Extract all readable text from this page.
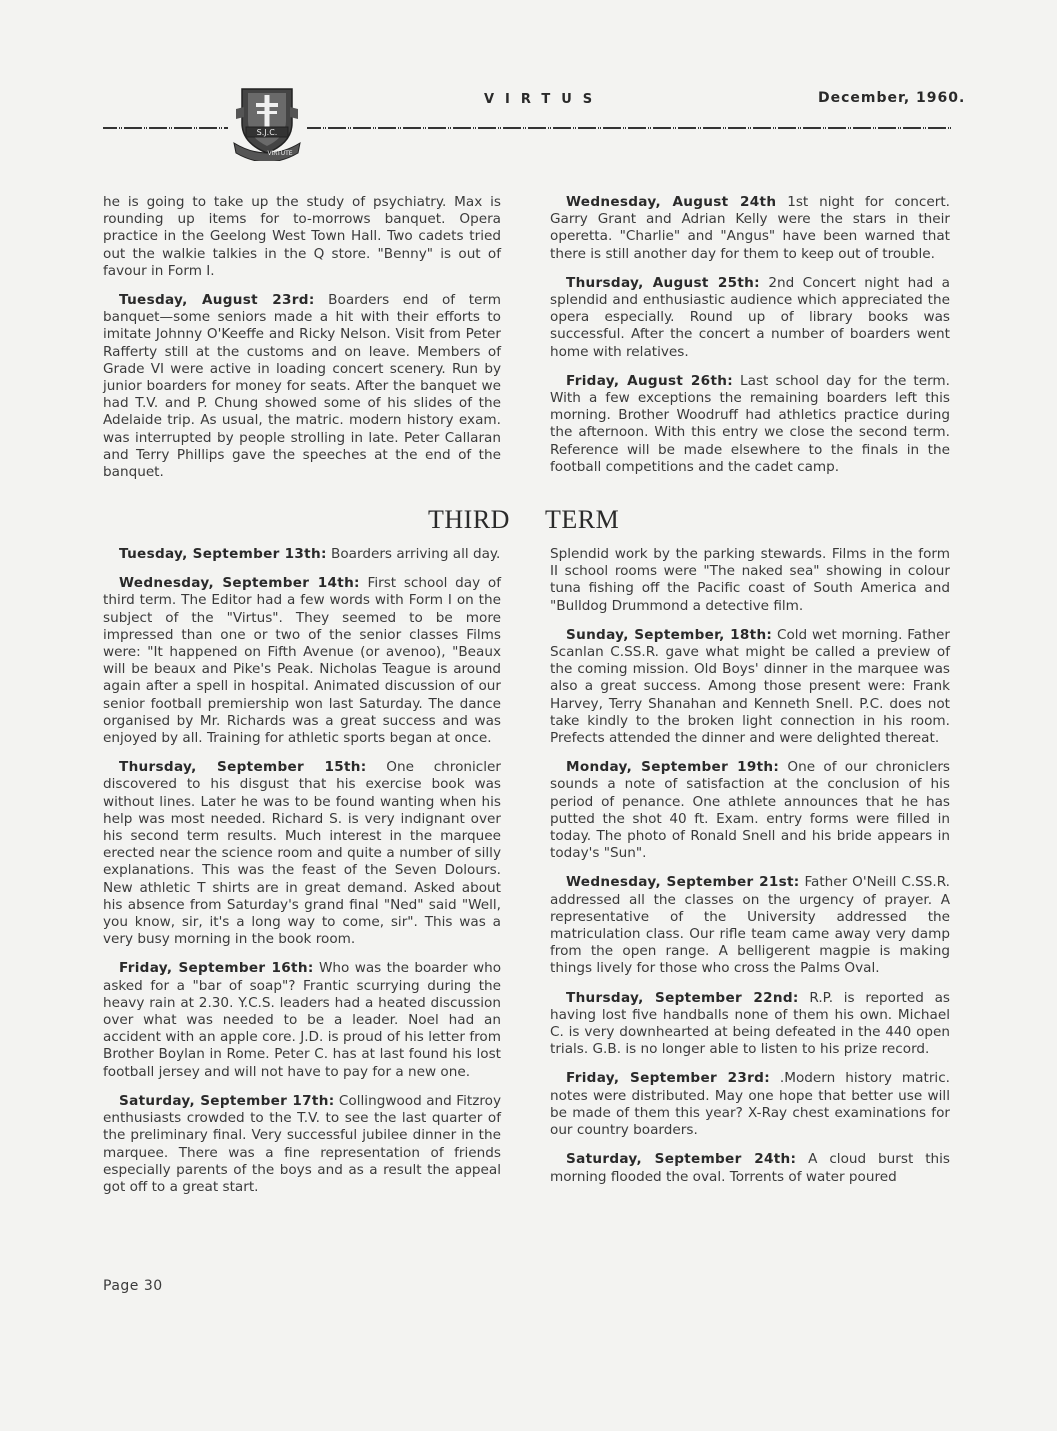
S.J.C.
VIRTUTE
VIRTUS	December, 1960.

he is going to take up the study of psychiatry. Max is rounding up items for to-morrows banquet. Opera practice in the Geelong West Town Hall. Two cadets tried out the walkie talkies in the Q store. "Benny" is out of favour in Form I.

Tuesday, August 23rd: Boarders end of term banquet—some seniors made a hit with their efforts to imitate Johnny O'Keeffe and Ricky Nelson. Visit from Peter Rafferty still at the customs and on leave. Members of Grade VI were active in loading concert scenery. Run by junior boarders for money for seats. After the banquet we had T.V. and P. Chung showed some of his slides of the Adelaide trip. As usual, the matric. modern history exam. was interrupted by people strolling in late. Peter Callaran and Terry Phillips gave the speeches at the end of the banquet.

Wednesday, August 24th 1st night for concert. Garry Grant and Adrian Kelly were the stars in their operetta. "Charlie" and "Angus" have been warned that there is still another day for them to keep out of trouble.

Thursday, August 25th: 2nd Concert night had a splendid and enthusiastic audience which appreciated the opera especially. Round up of library books was successful. After the concert a number of boarders went home with relatives.

Friday, August 26th: Last school day for the term. With a few exceptions the remaining boarders left this morning. Brother Woodruff had athletics practice during the afternoon. With this entry we close the second term. Reference will be made elsewhere to the finals in the football competitions and the cadet camp.

THIRD TERM

Tuesday, September 13th: Boarders arriving all day.

Wednesday, September 14th: First school day of third term. The Editor had a few words with Form I on the subject of the "Virtus". They seemed to be more impressed than one or two of the senior classes Films were: "It happened on Fifth Avenue (or avenoo), "Beaux will be beaux and Pike's Peak. Nicholas Teague is around again after a spell in hospital. Animated discussion of our senior football premiership won last Saturday. The dance organised by Mr. Richards was a great success and was enjoyed by all. Training for athletic sports began at once.

Thursday, September 15th: One chronicler discovered to his disgust that his exercise book was without lines. Later he was to be found wanting when his help was most needed. Richard S. is very indignant over his second term results. Much interest in the marquee erected near the science room and quite a number of silly explanations. This was the feast of the Seven Dolours. New athletic T shirts are in great demand. Asked about his absence from Saturday's grand final "Ned" said "Well, you know, sir, it's a long way to come, sir". This was a very busy morning in the book room.

Friday, September 16th: Who was the boarder who asked for a "bar of soap"? Frantic scurrying during the heavy rain at 2.30. Y.C.S. leaders had a heated discussion over what was needed to be a leader. Noel had an accident with an apple core. J.D. is proud of his letter from Brother Boylan in Rome. Peter C. has at last found his lost football jersey and will not have to pay for a new one.

Saturday, September 17th: Collingwood and Fitzroy enthusiasts crowded to the T.V. to see the last quarter of the preliminary final. Very successful jubilee dinner in the marquee. There was a fine representation of friends especially parents of the boys and as a result the appeal got off to a great start.

Splendid work by the parking stewards. Films in the form II school rooms were "The naked sea" showing in colour tuna fishing off the Pacific coast of South America and "Bulldog Drummond a detective film.

Sunday, September, 18th: Cold wet morning. Father Scanlan C.SS.R. gave what might be called a preview of the coming mission. Old Boys' dinner in the marquee was also a great success. Among those present were: Frank Harvey, Terry Shanahan and Kenneth Snell. P.C. does not take kindly to the broken light connection in his room. Prefects attended the dinner and were delighted thereat.

Monday, September 19th: One of our chroniclers sounds a note of satisfaction at the conclusion of his period of penance. One athlete announces that he has putted the shot 40 ft. Exam. entry forms were filled in today. The photo of Ronald Snell and his bride appears in today's "Sun".

Wednesday, September 21st: Father O'Neill C.SS.R. addressed all the classes on the urgency of prayer. A representative of the University addressed the matriculation class. Our rifle team came away very damp from the open range. A belligerent magpie is making things lively for those who cross the Palms Oval.

Thursday, September 22nd: R.P. is reported as having lost five handballs none of them his own. Michael C. is very downhearted at being defeated in the 440 open trials. G.B. is no longer able to listen to his prize record.

Friday, September 23rd: .Modern history matric. notes were distributed. May one hope that better use will be made of them this year? X-Ray chest examinations for our country boarders.

Saturday, September 24th: A cloud burst this morning flooded the oval. Torrents of water poured

Page 30
